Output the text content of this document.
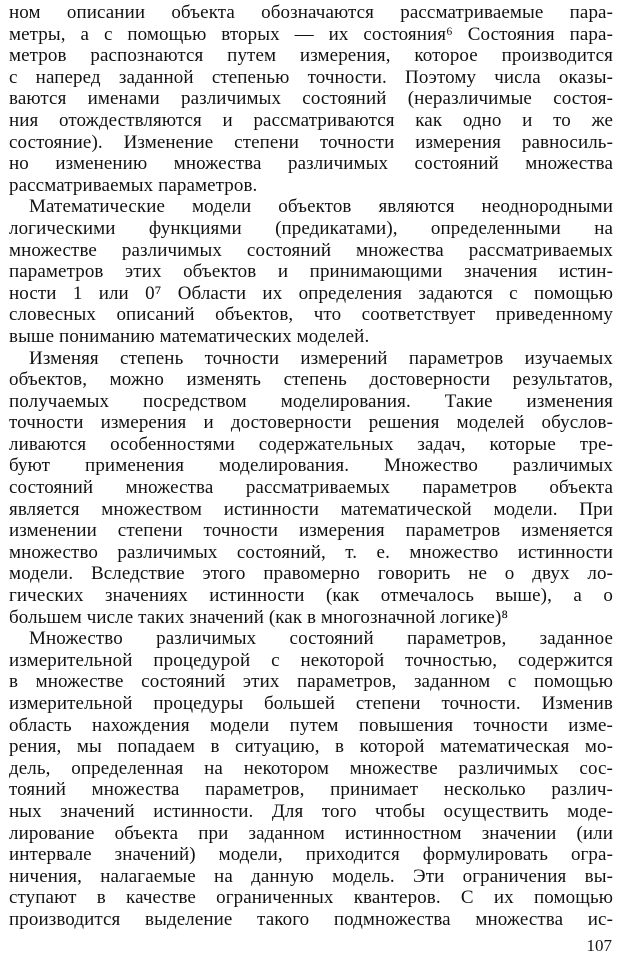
ном описании объекта обозначаются рассматриваемые пара-
метры, а с помощью вторых — их состояния⁶ Состояния пара-
метров распознаются путем измерения, которое производится
с наперед заданной степенью точности. Поэтому числа оказы-
ваются именами различимых состояний (неразличимые состоя-
ния отождествляются и рассматриваются как одно и то же
состояние). Изменение степени точности измерения равносиль-
но изменению множества различимых состояний множества
рассматриваемых параметров.
Математические модели объектов являются неоднородными
логическими функциями (предикатами), определенными на
множестве различимых состояний множества рассматриваемых
параметров этих объектов и принимающими значения истин-
ности 1 или 0⁷ Области их определения задаются с помощью
словесных описаний объектов, что соответствует приведенному
выше пониманию математических моделей.
Изменяя степень точности измерений параметров изучаемых
объектов, можно изменять степень достоверности результатов,
получаемых посредством моделирования. Такие изменения
точности измерения и достоверности решения моделей обуслов-
ливаются особенностями содержательных задач, которые тре-
буют применения моделирования. Множество различимых
состояний множества рассматриваемых параметров объекта
является множеством истинности математической модели. При
изменении степени точности измерения параметров изменяется
множество различимых состояний, т. е. множество истинности
модели. Вследствие этого правомерно говорить не о двух ло-
гических значениях истинности (как отмечалось выше), а о
большем числе таких значений (как в многозначной логике)⁸
Множество различимых состояний параметров, заданное
измерительной процедурой с некоторой точностью, содержится
в множестве состояний этих параметров, заданном с помощью
измерительной процедуры большей степени точности. Изменив
область нахождения модели путем повышения точности изме-
рения, мы попадаем в ситуацию, в которой математическая мо-
дель, определенная на некотором множестве различимых сос-
тояний множества параметров, принимает несколько различ-
ных значений истинности. Для того чтобы осуществить моде-
лирование объекта при заданном истинностном значении (или
интервале значений) модели, приходится формулировать огра-
ничения, налагаемые на данную модель. Эти ограничения вы-
ступают в качестве ограниченных квантеров. С их помощью
производится выделение такого подмножества множества ис-
107
